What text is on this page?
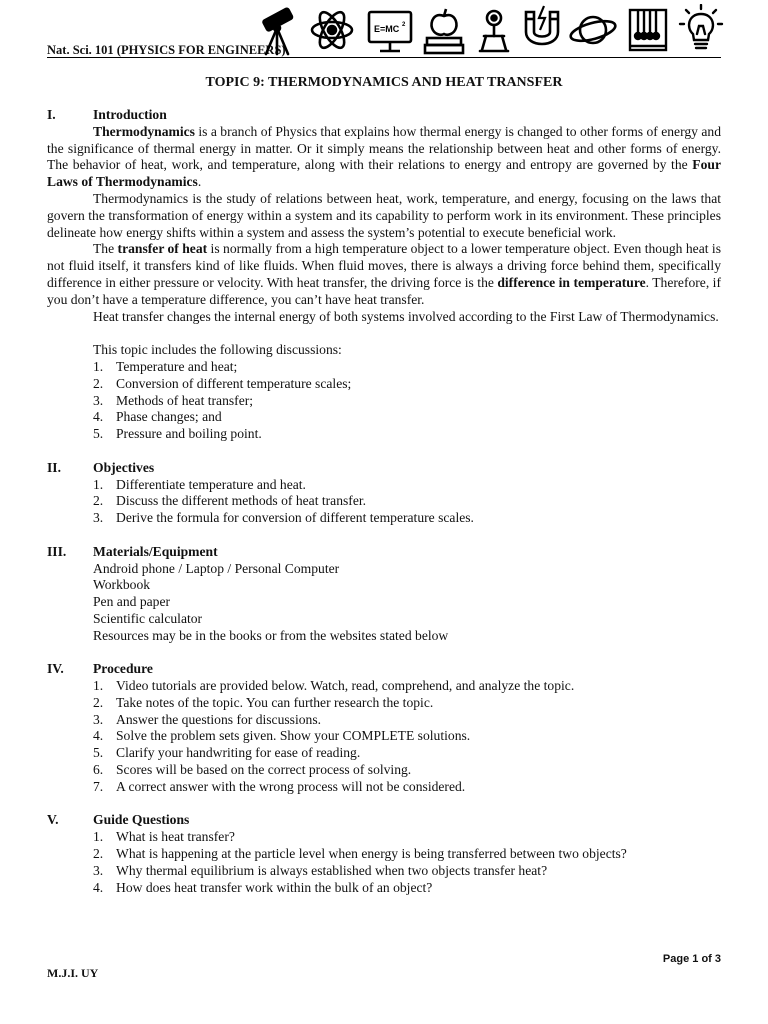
Nat. Sci. 101 (PHYSICS FOR ENGINEERS)
E=MC 2
TOPIC 9: THERMODYNAMICS AND HEAT TRANSFER
I.	Introduction
Thermodynamics is a branch of Physics that explains how thermal energy is changed to other forms of energy and the significance of thermal energy in matter. Or it simply means the relationship between heat and other forms of energy. The behavior of heat, work, and temperature, along with their relations to energy and entropy are governed by the Four Laws of Thermodynamics.
Thermodynamics is the study of relations between heat, work, temperature, and energy, focusing on the laws that govern the transformation of energy within a system and its capability to perform work in its environment. These principles delineate how energy shifts within a system and assess the system’s potential to execute beneficial work.
The transfer of heat is normally from a high temperature object to a lower temperature object. Even though heat is not fluid itself, it transfers kind of like fluids. When fluid moves, there is always a driving force behind them, specifically difference in either pressure or velocity. With heat transfer, the driving force is the difference in temperature. Therefore, if you don’t have a temperature difference, you can’t have heat transfer.
Heat transfer changes the internal energy of both systems involved according to the First Law of Thermodynamics.
This topic includes the following discussions:
1. Temperature and heat;
2. Conversion of different temperature scales;
3. Methods of heat transfer;
4. Phase changes; and
5. Pressure and boiling point.
II.	Objectives
1. Differentiate temperature and heat.
2. Discuss the different methods of heat transfer.
3. Derive the formula for conversion of different temperature scales.
III.	Materials/Equipment
Android phone / Laptop / Personal Computer
Workbook
Pen and paper
Scientific calculator
Resources may be in the books or from the websites stated below
IV.	Procedure
1. Video tutorials are provided below. Watch, read, comprehend, and analyze the topic.
2. Take notes of the topic. You can further research the topic.
3. Answer the questions for discussions.
4. Solve the problem sets given. Show your COMPLETE solutions.
5. Clarify your handwriting for ease of reading.
6. Scores will be based on the correct process of solving.
7. A correct answer with the wrong process will not be considered.
V.	Guide Questions
1. What is heat transfer?
2. What is happening at the particle level when energy is being transferred between two objects?
3. Why thermal equilibrium is always established when two objects transfer heat?
4. How does heat transfer work within the bulk of an object?
Page 1 of 3
M.J.I. UY
